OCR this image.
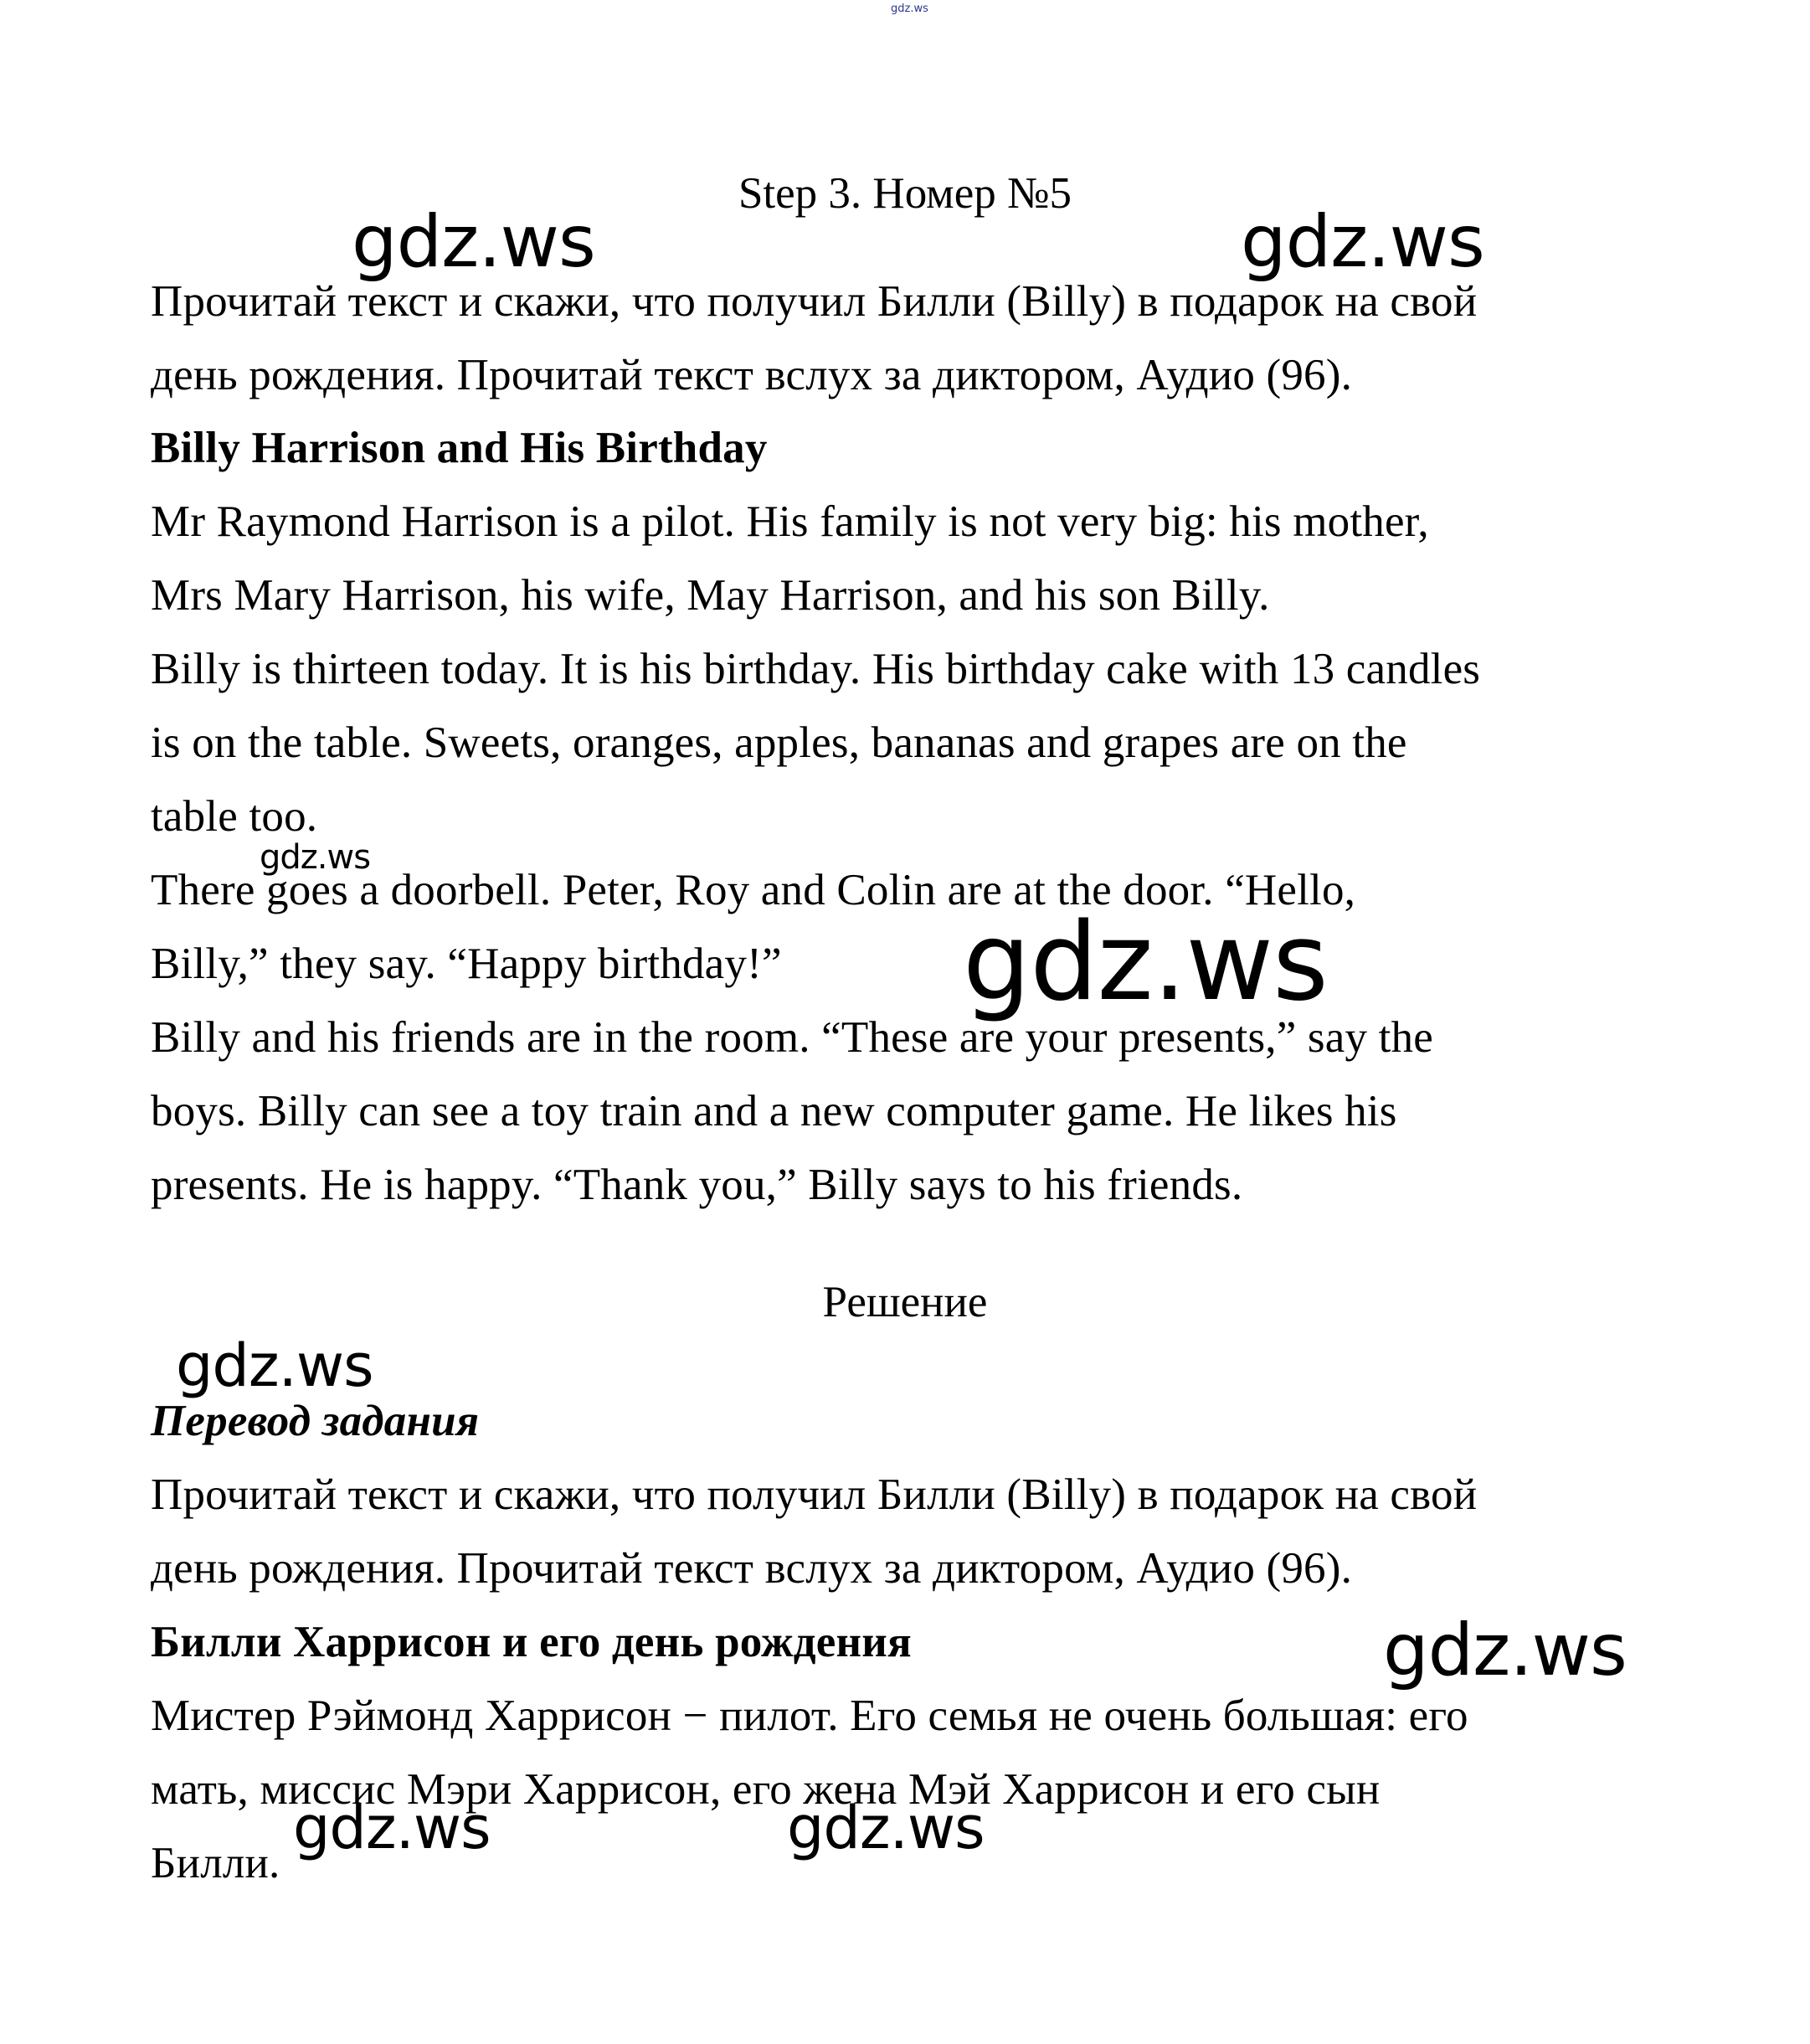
gdz.ws
Step 3. Номер №5
Прочитай текст и скажи, что получил Билли (Billy) в подарок на свой
день рождения. Прочитай текст вслух за диктором, Аудио (96).
Billy Harrison and His Birthday
Mr Raymond Harrison is a pilot. His family is not very big: his mother,
Mrs Mary Harrison, his wife, May Harrison, and his son Billy.
Billy is thirteen today. It is his birthday. His birthday cake with 13 candles
is on the table. Sweets, oranges, apples, bananas and grapes are on the
table too.
There goes a doorbell. Peter, Roy and Colin are at the door. “Hello,
Billy,” they say. “Happy birthday!”
Billy and his friends are in the room. “These are your presents,” say the
boys. Billy can see a toy train and a new computer game. He likes his
presents. He is happy. “Thank you,” Billy says to his friends.
Решение
Перевод задания
Прочитай текст и скажи, что получил Билли (Billy) в подарок на свой
день рождения. Прочитай текст вслух за диктором, Аудио (96).
Билли Харрисон и его день рождения
Мистер Рэймонд Харрисон − пилот. Его семья не очень большая: его
мать, миссис Мэри Харрисон, его жена Мэй Харрисон и его сын
Билли.
gdz.ws	gdz.ws
gdz.ws
gdz.ws
gdz.ws
gdz.ws
gdz.ws	gdz.ws
